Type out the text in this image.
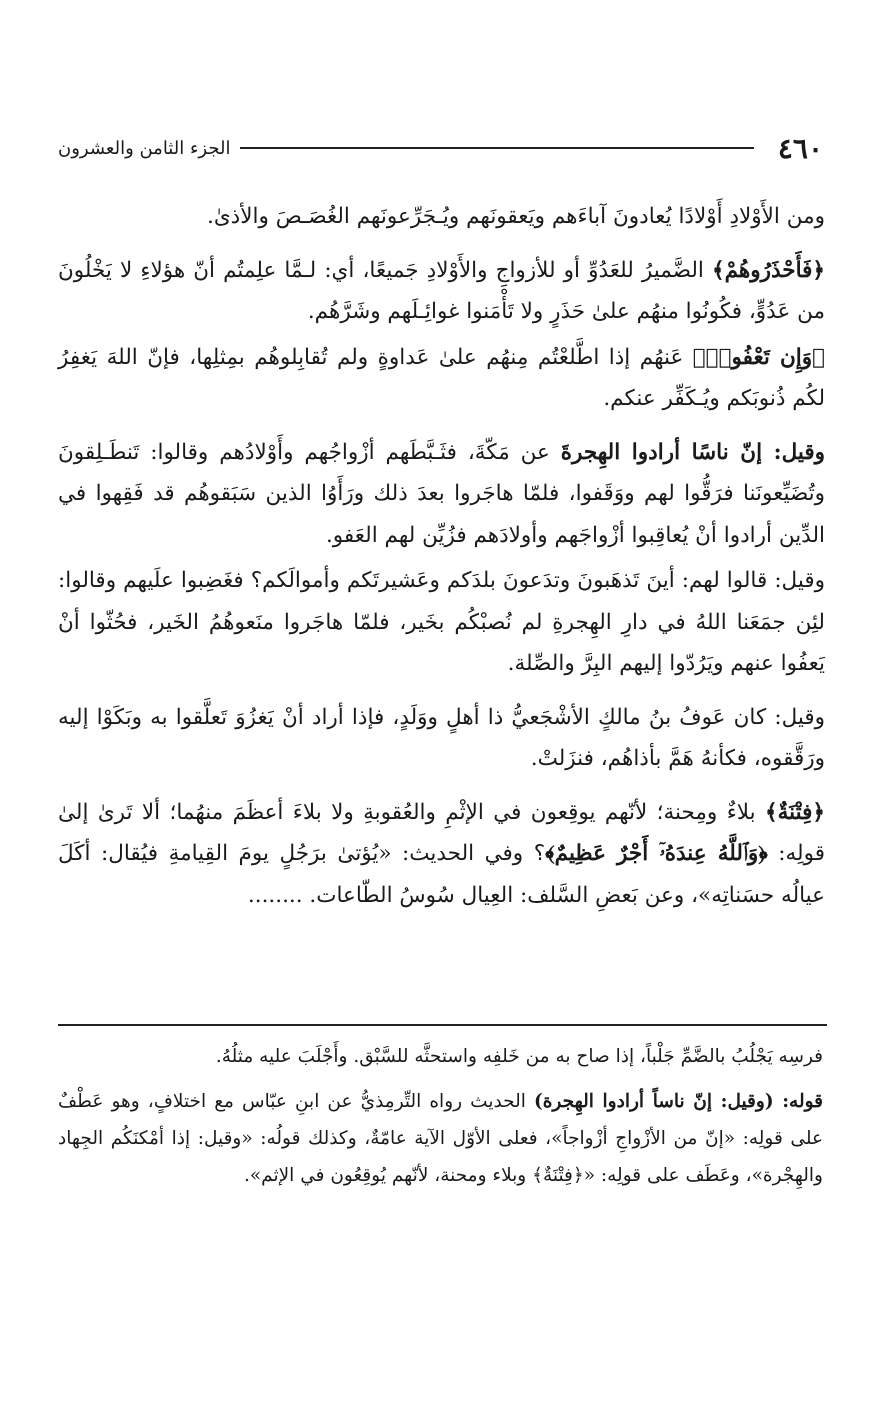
٤٦٠
الجزء الثامن والعشرون

ومن الأَوْلادِ أَوْلادًا يُعادونَ آباءَهم ويَعقونَهم ويُـجَرِّعونَهم الغُصَـصَ والأذىٰ.

﴿فَأَحْذَرُوهُمْ﴾ الضَّميرُ للعَدُوِّ أو للأزواجِ والأَوْلادِ جَميعًا، أي: لـمَّا علِمتُم أنّ هؤلاءِ لا يَخْلُونَ من عَدُوٍّ، فكُونُوا منهُم علىٰ حَذَرٍ ولا تَأْمَنوا غوائِـلَهم وشَرَّهُم.

﴿وَإِن تَعْفُوا۟﴾ عَنهُم إذا اطَّلعْتُم مِنهُم علىٰ عَداوةٍ ولم تُقابِلوهُم بمِثلِها، فإنّ اللهَ يَغفِرُ لكُم ذُنوبَكم ويُـكَفِّر عنكم.

وقيل: إنّ ناسًا أرادوا الهِجرةَ عن مَكّةَ، فثَـبَّطَهم أزْواجُهم وأَوْلادُهم وقالوا: تَنطَـلِقونَ وتُضَيِّعونَنا فرَقُّوا لهم ووَقَفوا، فلمّا هاجَروا بعدَ ذلك ورَأَوُا الذين سَبَقوهُم قد فَقِهوا في الدِّين أرادوا أنْ يُعاقِبوا أزْواجَهم وأولادَهم فزُيِّن لهم العَفو.

وقيل: قالوا لهم: أينَ تَذهَبونَ وتدَعونَ بلدَكم وعَشيرتَكم وأموالَكم؟ فغَضِبوا علَيهم وقالوا: لئِن جمَعَنا اللهُ في دارِ الهِجرةِ لم نُصبْكُم بخَير، فلمّا هاجَروا منَعوهُمُ الخَير، فحُثّوا أنْ يَعفُوا عنهم ويَرُدّوا إليهم البِرَّ والصِّلة.

وقيل: كان عَوفُ بنُ مالكٍ الأشْجَعيُّ ذا أهلٍ ووَلَدٍ، فإذا أراد أنْ يَغزُوَ تَعلَّقوا به وبَكَوْا إليه ورَقَّقوه، فكأنهُ هَمَّ بأذاهُم، فنزَلتْ.

﴿فِتْنَةٌ﴾ بلاءٌ ومِحنة؛ لأنّهم يوقِعون في الإثْمِ والعُقوبةِ ولا بلاءَ أعظَمَ منهُما؛ ألا تَرىٰ إلىٰ قولِه: ﴿وَٱللَّهُ عِندَهُۥٓ أَجْرٌ عَظِيمٌ﴾؟ وفي الحديث: «يُؤتىٰ برَجُلٍ يومَ القِيامةِ فيُقال: أكَلَ عيالُه حسَناتِه»، وعن بَعضِ السَّلف: العِيال سُوسُ الطّاعات. ........

فرسِه يَجْلُبُ بالضَّمِّ جَلْباً، إذا صاح به من خَلفِه واستحثَّه للسَّبْق. وأَجْلَبَ عليه مثلُهُ.

قوله: (وقيل: إنّ ناساً أرادوا الهِجرة) الحديث رواه التِّرمِذيُّ عن ابنِ عبّاس مع اختلافٍ، وهو عَطْفٌ على قولِه: «إنّ من الأزْواجِ أزْواجاً»، فعلى الأوّل الآية عامّةٌ، وكذلك قولُه: «وقيل: إذا أمْكنَكُم الجِهاد والهِجْرة»، وعَطَف على قولِه: «﴿فِتْنَةٌ﴾ وبلاء ومحنة، لأنّهم يُوقِعُون في الإثم».
